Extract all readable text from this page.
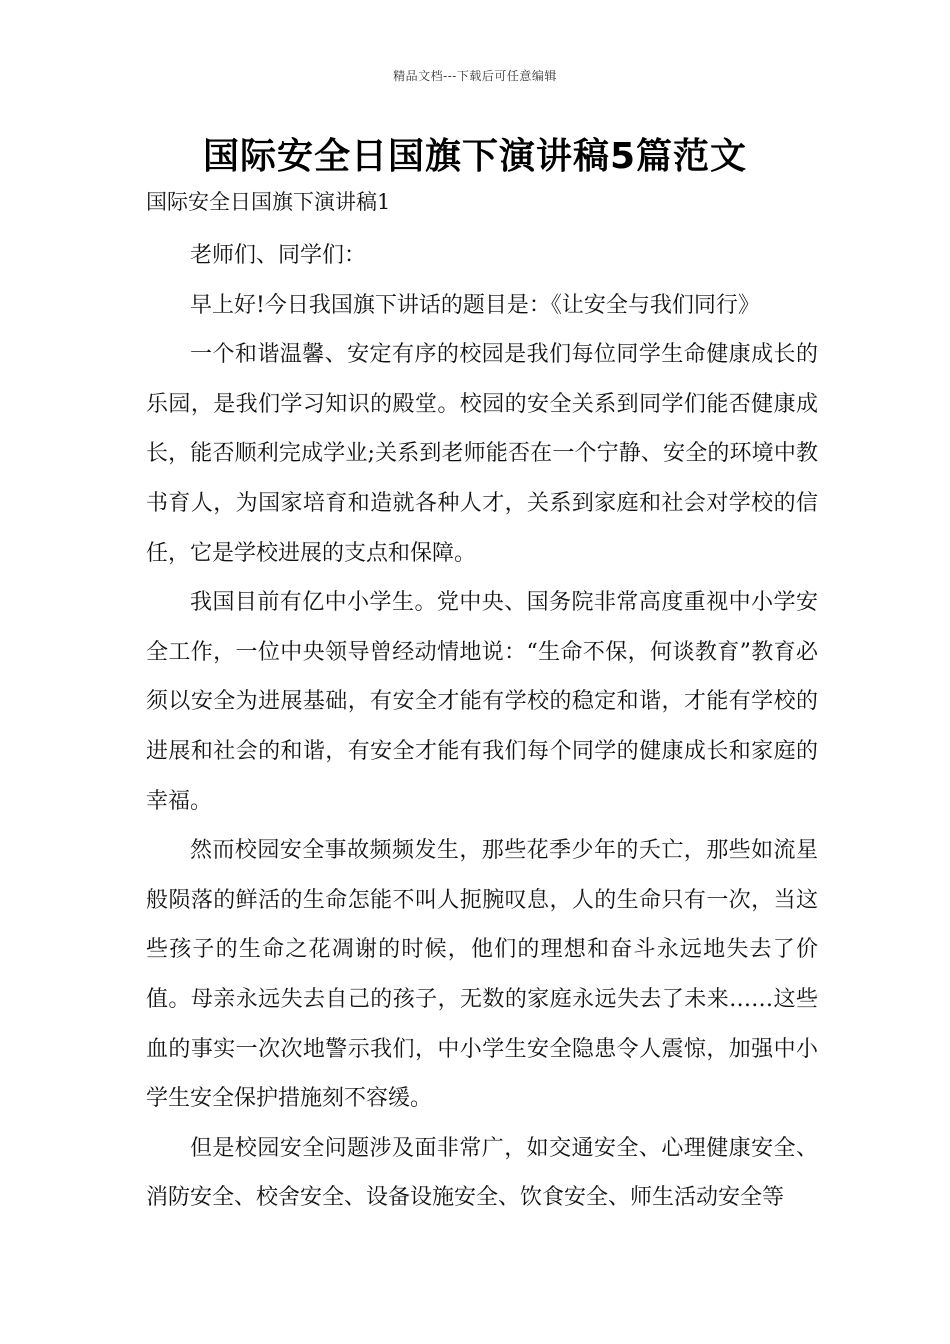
精品文档---下载后可任意编辑
国际安全日国旗下演讲稿5篇范文
国际安全日国旗下演讲稿1

老师们、同学们：

早上好!今日我国旗下讲话的题目是：《让安全与我们同行》

一个和谐温馨、安定有序的校园是我们每位同学生命健康成长的乐园，是我们学习知识的殿堂。校园的安全关系到同学们能否健康成长，能否顺利完成学业;关系到老师能否在一个宁静、安全的环境中教书育人，为国家培育和造就各种人才，关系到家庭和社会对学校的信任，它是学校进展的支点和保障。

我国目前有亿中小学生。党中央、国务院非常高度重视中小学安全工作，一位中央领导曾经动情地说：“生命不保，何谈教育”教育必须以安全为进展基础，有安全才能有学校的稳定和谐，才能有学校的进展和社会的和谐，有安全才能有我们每个同学的健康成长和家庭的幸福。

然而校园安全事故频频发生，那些花季少年的夭亡，那些如流星般陨落的鲜活的生命怎能不叫人扼腕叹息，人的生命只有一次，当这些孩子的生命之花凋谢的时候，他们的理想和奋斗永远地失去了价值。母亲永远失去自己的孩子，无数的家庭永远失去了未来……这些血的事实一次次地警示我们，中小学生安全隐患令人震惊，加强中小学生安全保护措施刻不容缓。

但是校园安全问题涉及面非常广，如交通安全、心理健康安全、消防安全、校舍安全、设备设施安全、饮食安全、师生活动安全等
